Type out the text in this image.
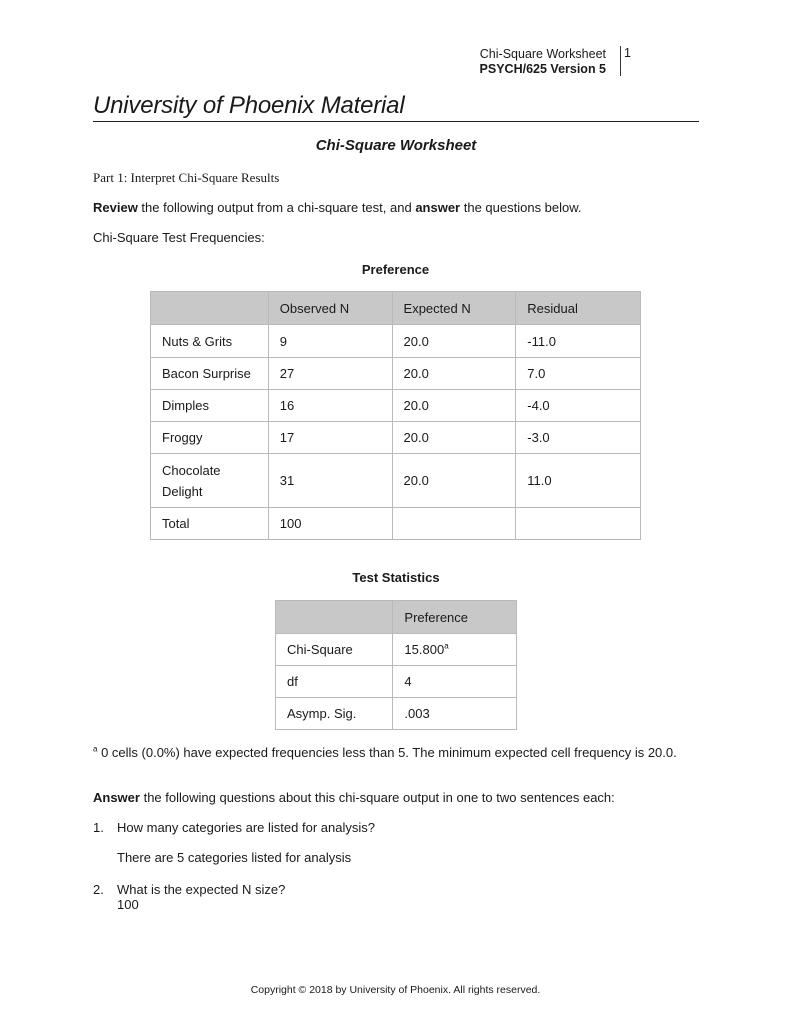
Chi-Square Worksheet
PSYCH/625 Version 5
1
University of Phoenix Material
Chi-Square Worksheet
Part 1: Interpret Chi-Square Results
Review the following output from a chi-square test, and answer the questions below.
Chi-Square Test Frequencies:
Preference
	Observed N	Expected N	Residual
Nuts & Grits	9	20.0	-11.0
Bacon Surprise	27	20.0	7.0
Dimples	16	20.0	-4.0
Froggy	17	20.0	-3.0
Chocolate
Delight	31	20.0	11.0
Total	100		
Test Statistics
	Preference
Chi-Square	15.800$^a$
df	4
Asymp. Sig.	.003
$^a$ 0 cells (0.0%) have expected frequencies less than 5. The minimum expected cell frequency is 20.0.
Answer the following questions about this chi-square output in one to two sentences each:
1. How many categories are listed for analysis?
There are 5 categories listed for analysis
2. What is the expected N size?
100
Copyright © 2018 by University of Phoenix. All rights reserved.
